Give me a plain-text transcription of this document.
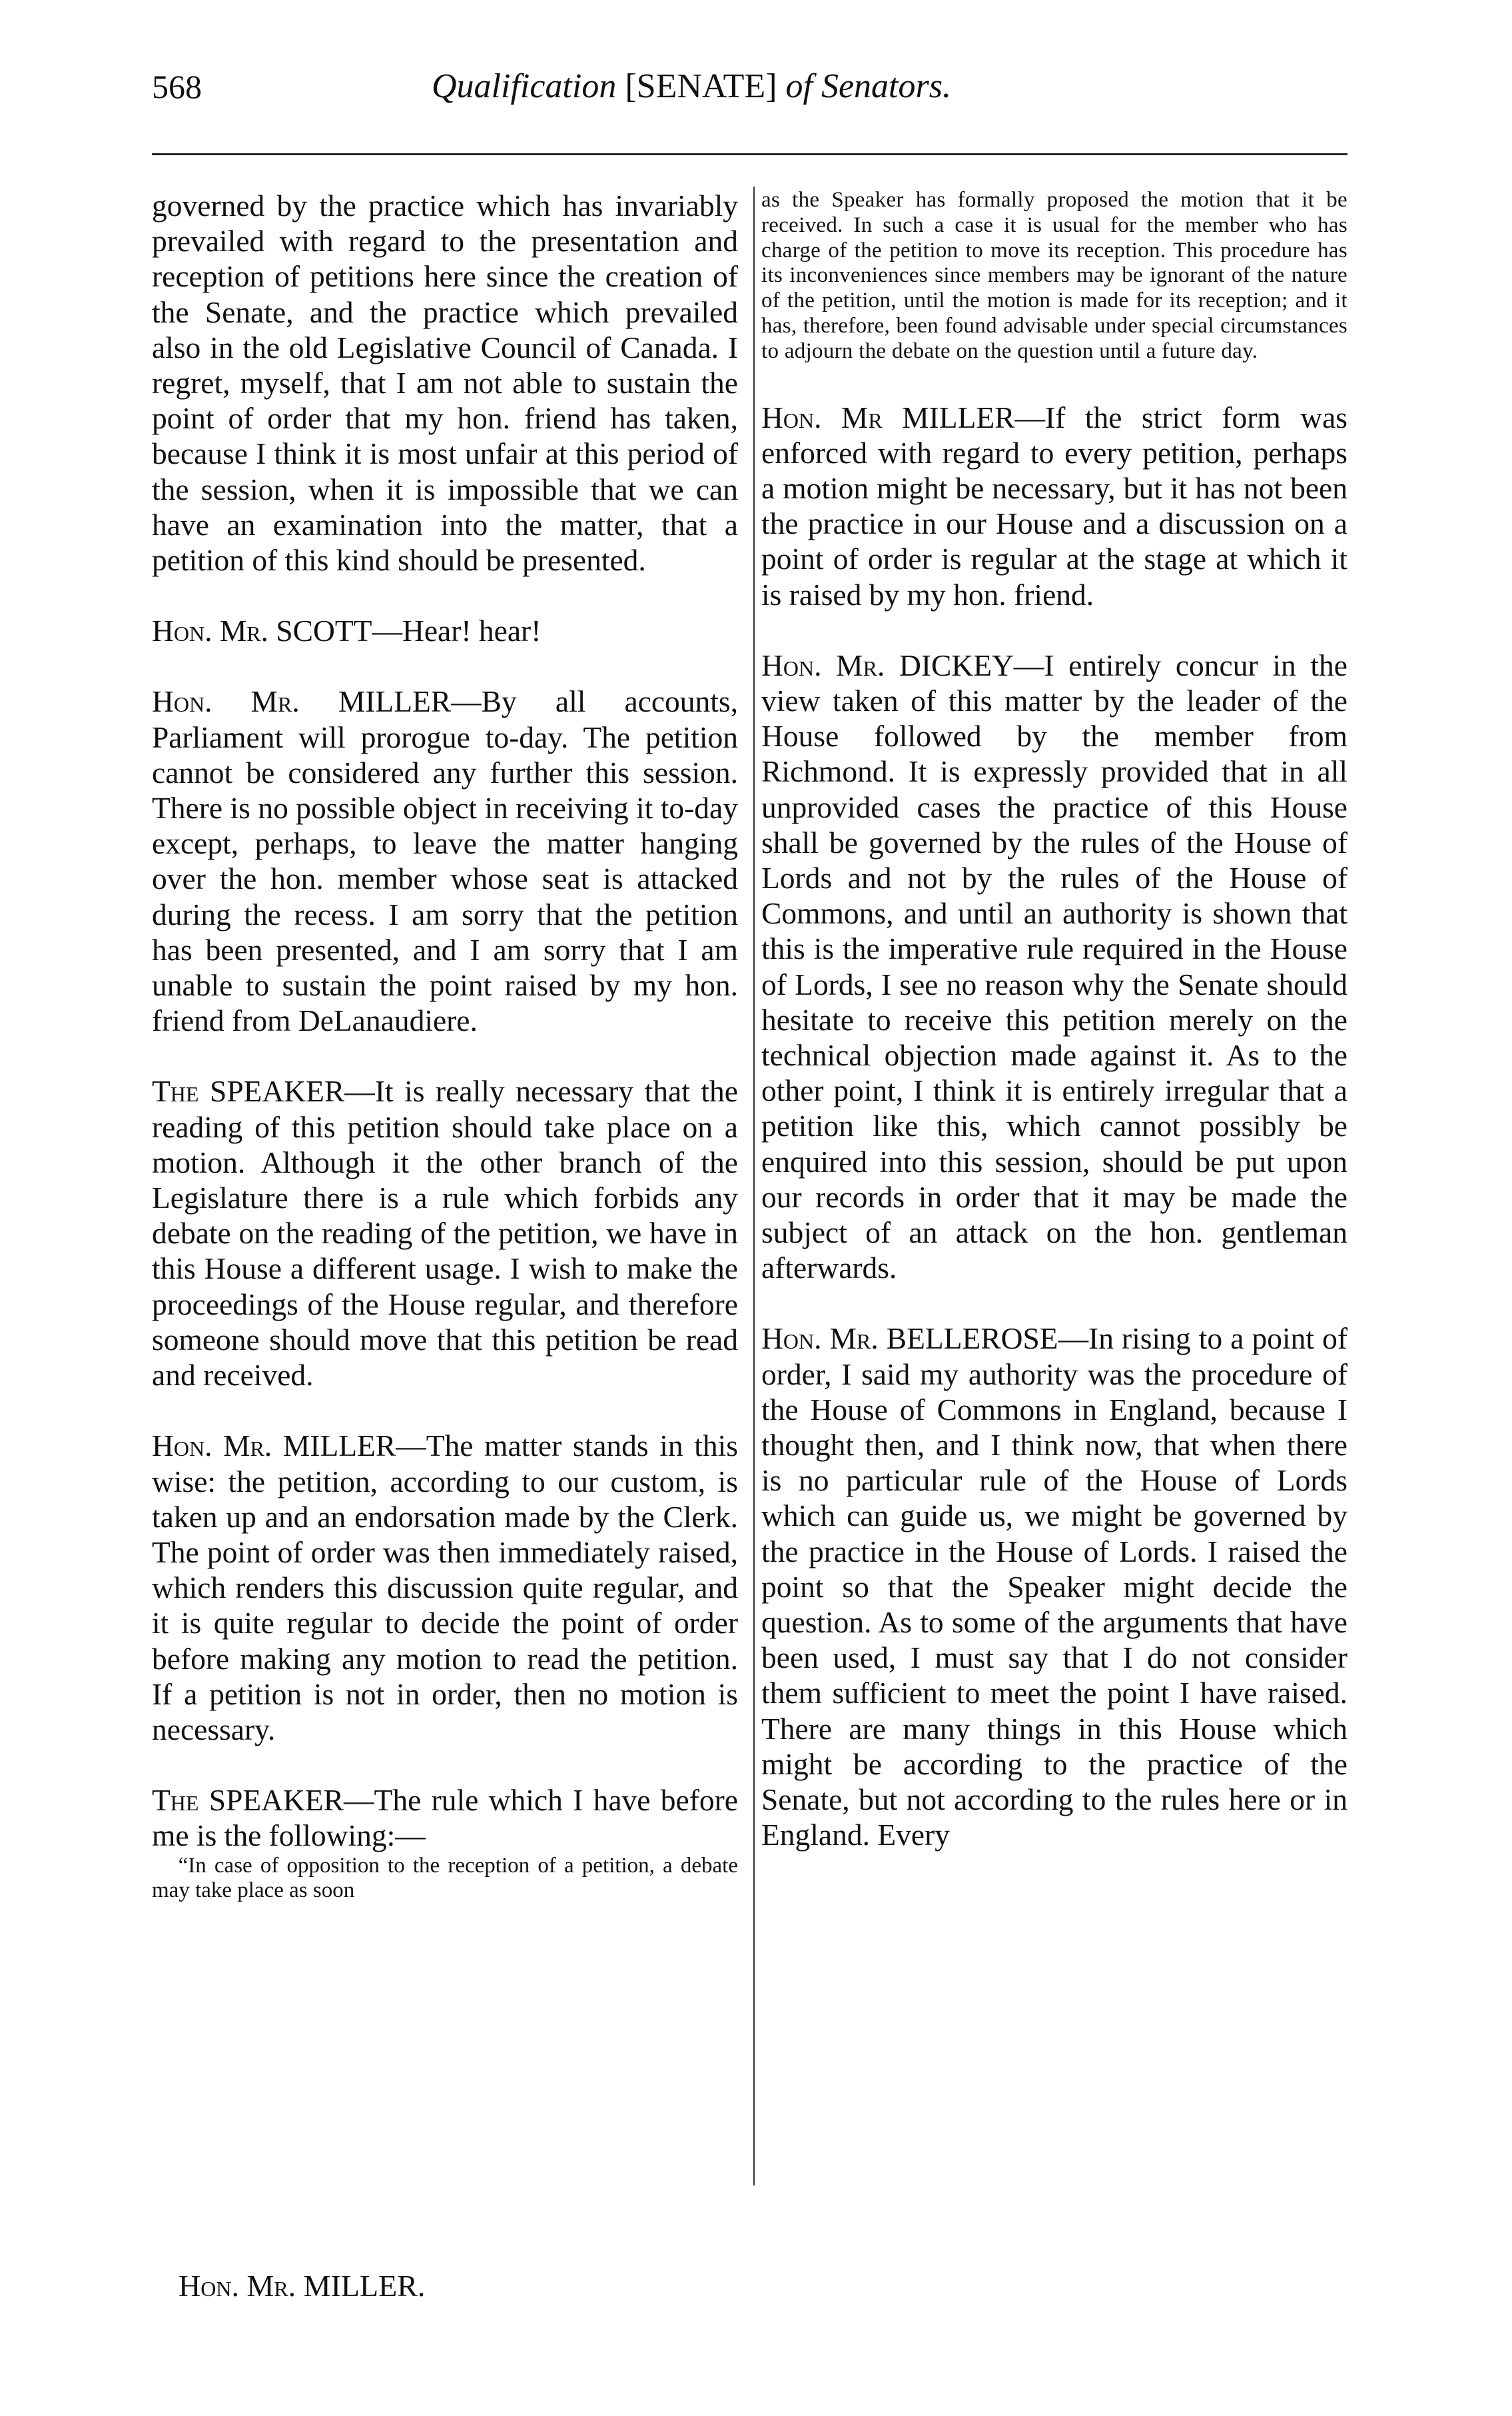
568	Qualification [SENATE] of Senators.

governed by the practice which has invariably prevailed with regard to the presentation and reception of petitions here since the creation of the Senate, and the practice which prevailed also in the old Legislative Council of Canada. I regret, myself, that I am not able to sustain the point of order that my hon. friend has taken, because I think it is most unfair at this period of the session, when it is impossible that we can have an examination into the matter, that a petition of this kind should be presented.

Hon. Mr. SCOTT—Hear! hear!

Hon. Mr. MILLER—By all accounts, Parliament will prorogue to-day. The petition cannot be considered any further this session. There is no possible object in receiving it to-day except, perhaps, to leave the matter hanging over the hon. member whose seat is attacked during the recess. I am sorry that the petition has been presented, and I am sorry that I am unable to sustain the point raised by my hon. friend from DeLanaudiere.

The SPEAKER—It is really necessary that the reading of this petition should take place on a motion. Although it the other branch of the Legislature there is a rule which forbids any debate on the reading of the petition, we have in this House a different usage. I wish to make the proceedings of the House regular, and therefore someone should move that this petition be read and received.

Hon. Mr. MILLER—The matter stands in this wise: the petition, according to our custom, is taken up and an endorsation made by the Clerk. The point of order was then immediately raised, which renders this discussion quite regular, and it is quite regular to decide the point of order before making any motion to read the petition. If a petition is not in order, then no motion is necessary.

The SPEAKER—The rule which I have before me is the following:—

“In case of opposition to the reception of a petition, a debate may take place as soon

as the Speaker has formally proposed the motion that it be received. In such a case it is usual for the member who has charge of the petition to move its reception. This procedure has its inconveniences since members may be ignorant of the nature of the petition, until the motion is made for its reception; and it has, therefore, been found advisable under special circumstances to adjourn the debate on the question until a future day.

Hon. Mr MILLER—If the strict form was enforced with regard to every petition, perhaps a motion might be necessary, but it has not been the practice in our House and a discussion on a point of order is regular at the stage at which it is raised by my hon. friend.

Hon. Mr. DICKEY—I entirely concur in the view taken of this matter by the leader of the House followed by the member from Richmond. It is expressly provided that in all unprovided cases the practice of this House shall be governed by the rules of the House of Lords and not by the rules of the House of Commons, and until an authority is shown that this is the imperative rule required in the House of Lords, I see no reason why the Senate should hesitate to receive this petition merely on the technical objection made against it. As to the other point, I think it is entirely irregular that a petition like this, which cannot possibly be enquired into this session, should be put upon our records in order that it may be made the subject of an attack on the hon. gentleman afterwards.

Hon. Mr. BELLEROSE—In rising to a point of order, I said my authority was the procedure of the House of Commons in England, because I thought then, and I think now, that when there is no particular rule of the House of Lords which can guide us, we might be governed by the practice in the House of Lords. I raised the point so that the Speaker might decide the question. As to some of the arguments that have been used, I must say that I do not consider them sufficient to meet the point I have raised. There are many things in this House which might be according to the practice of the Senate, but not according to the rules here or in England. Every

Hon. Mr. MILLER.
